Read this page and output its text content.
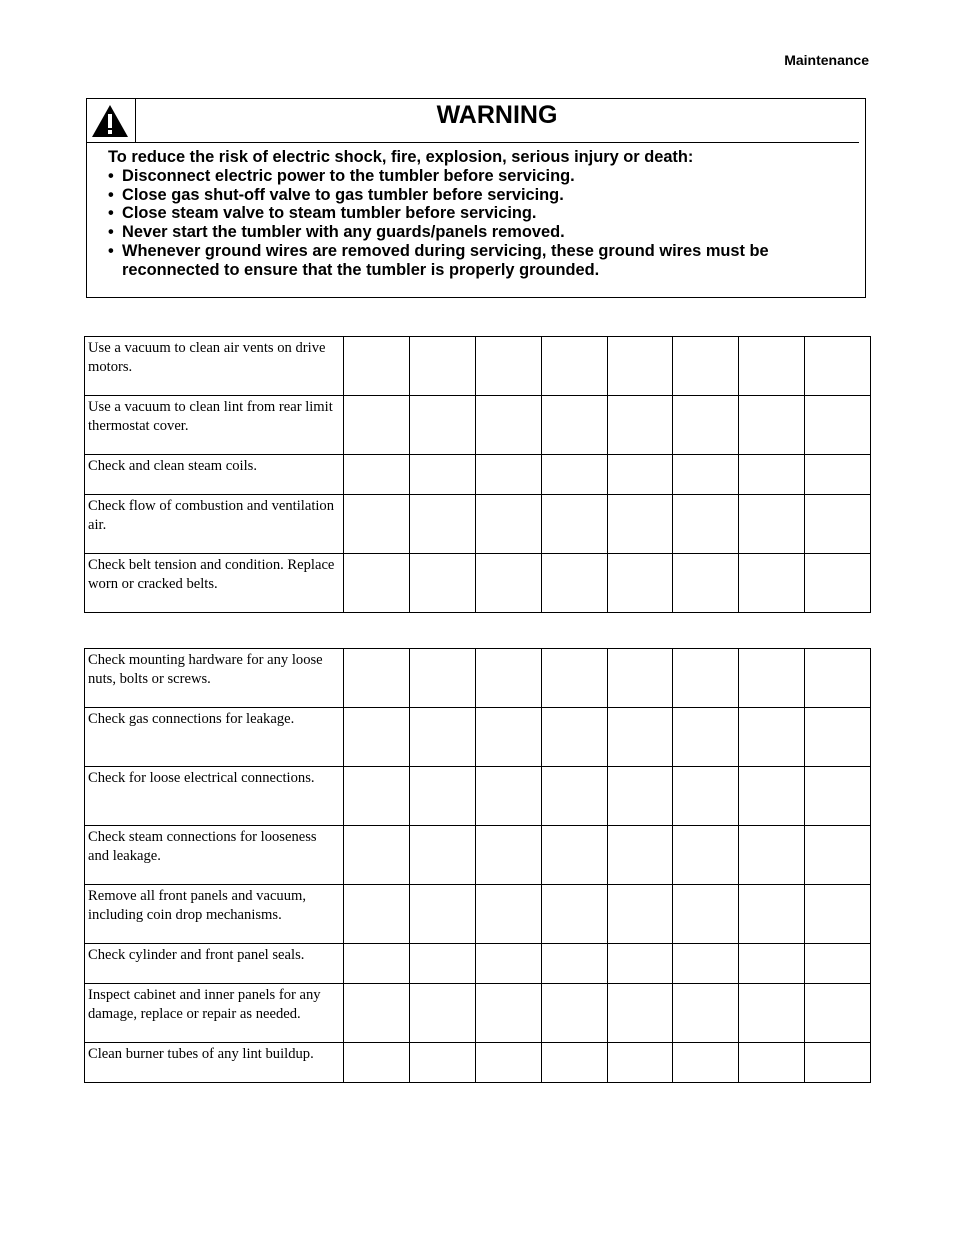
Maintenance
WARNING
To reduce the risk of electric shock, fire, explosion, serious injury or death:
• Disconnect electric power to the tumbler before servicing.
• Close gas shut-off valve to gas tumbler before servicing.
• Close steam valve to steam tumbler before servicing.
• Never start the tumbler with any guards/panels removed.
• Whenever ground wires are removed during servicing, these ground wires must be reconnected to ensure that the tumbler is properly grounded.
Use a vacuum to clean air vents on drive motors.								
Use a vacuum to clean lint from rear limit thermostat cover.								
Check and clean steam coils.								
Check flow of combustion and ventilation air.								
Check belt tension and condition. Replace worn or cracked belts.								
Check mounting hardware for any loose nuts, bolts or screws.								
Check gas connections for leakage.								
Check for loose electrical connections.								
Check steam connections for looseness and leakage.								
Remove all front panels and vacuum, including coin drop mechanisms.								
Check cylinder and front panel seals.								
Inspect cabinet and inner panels for any damage, replace or repair as needed.								
Clean burner tubes of any lint buildup.								
